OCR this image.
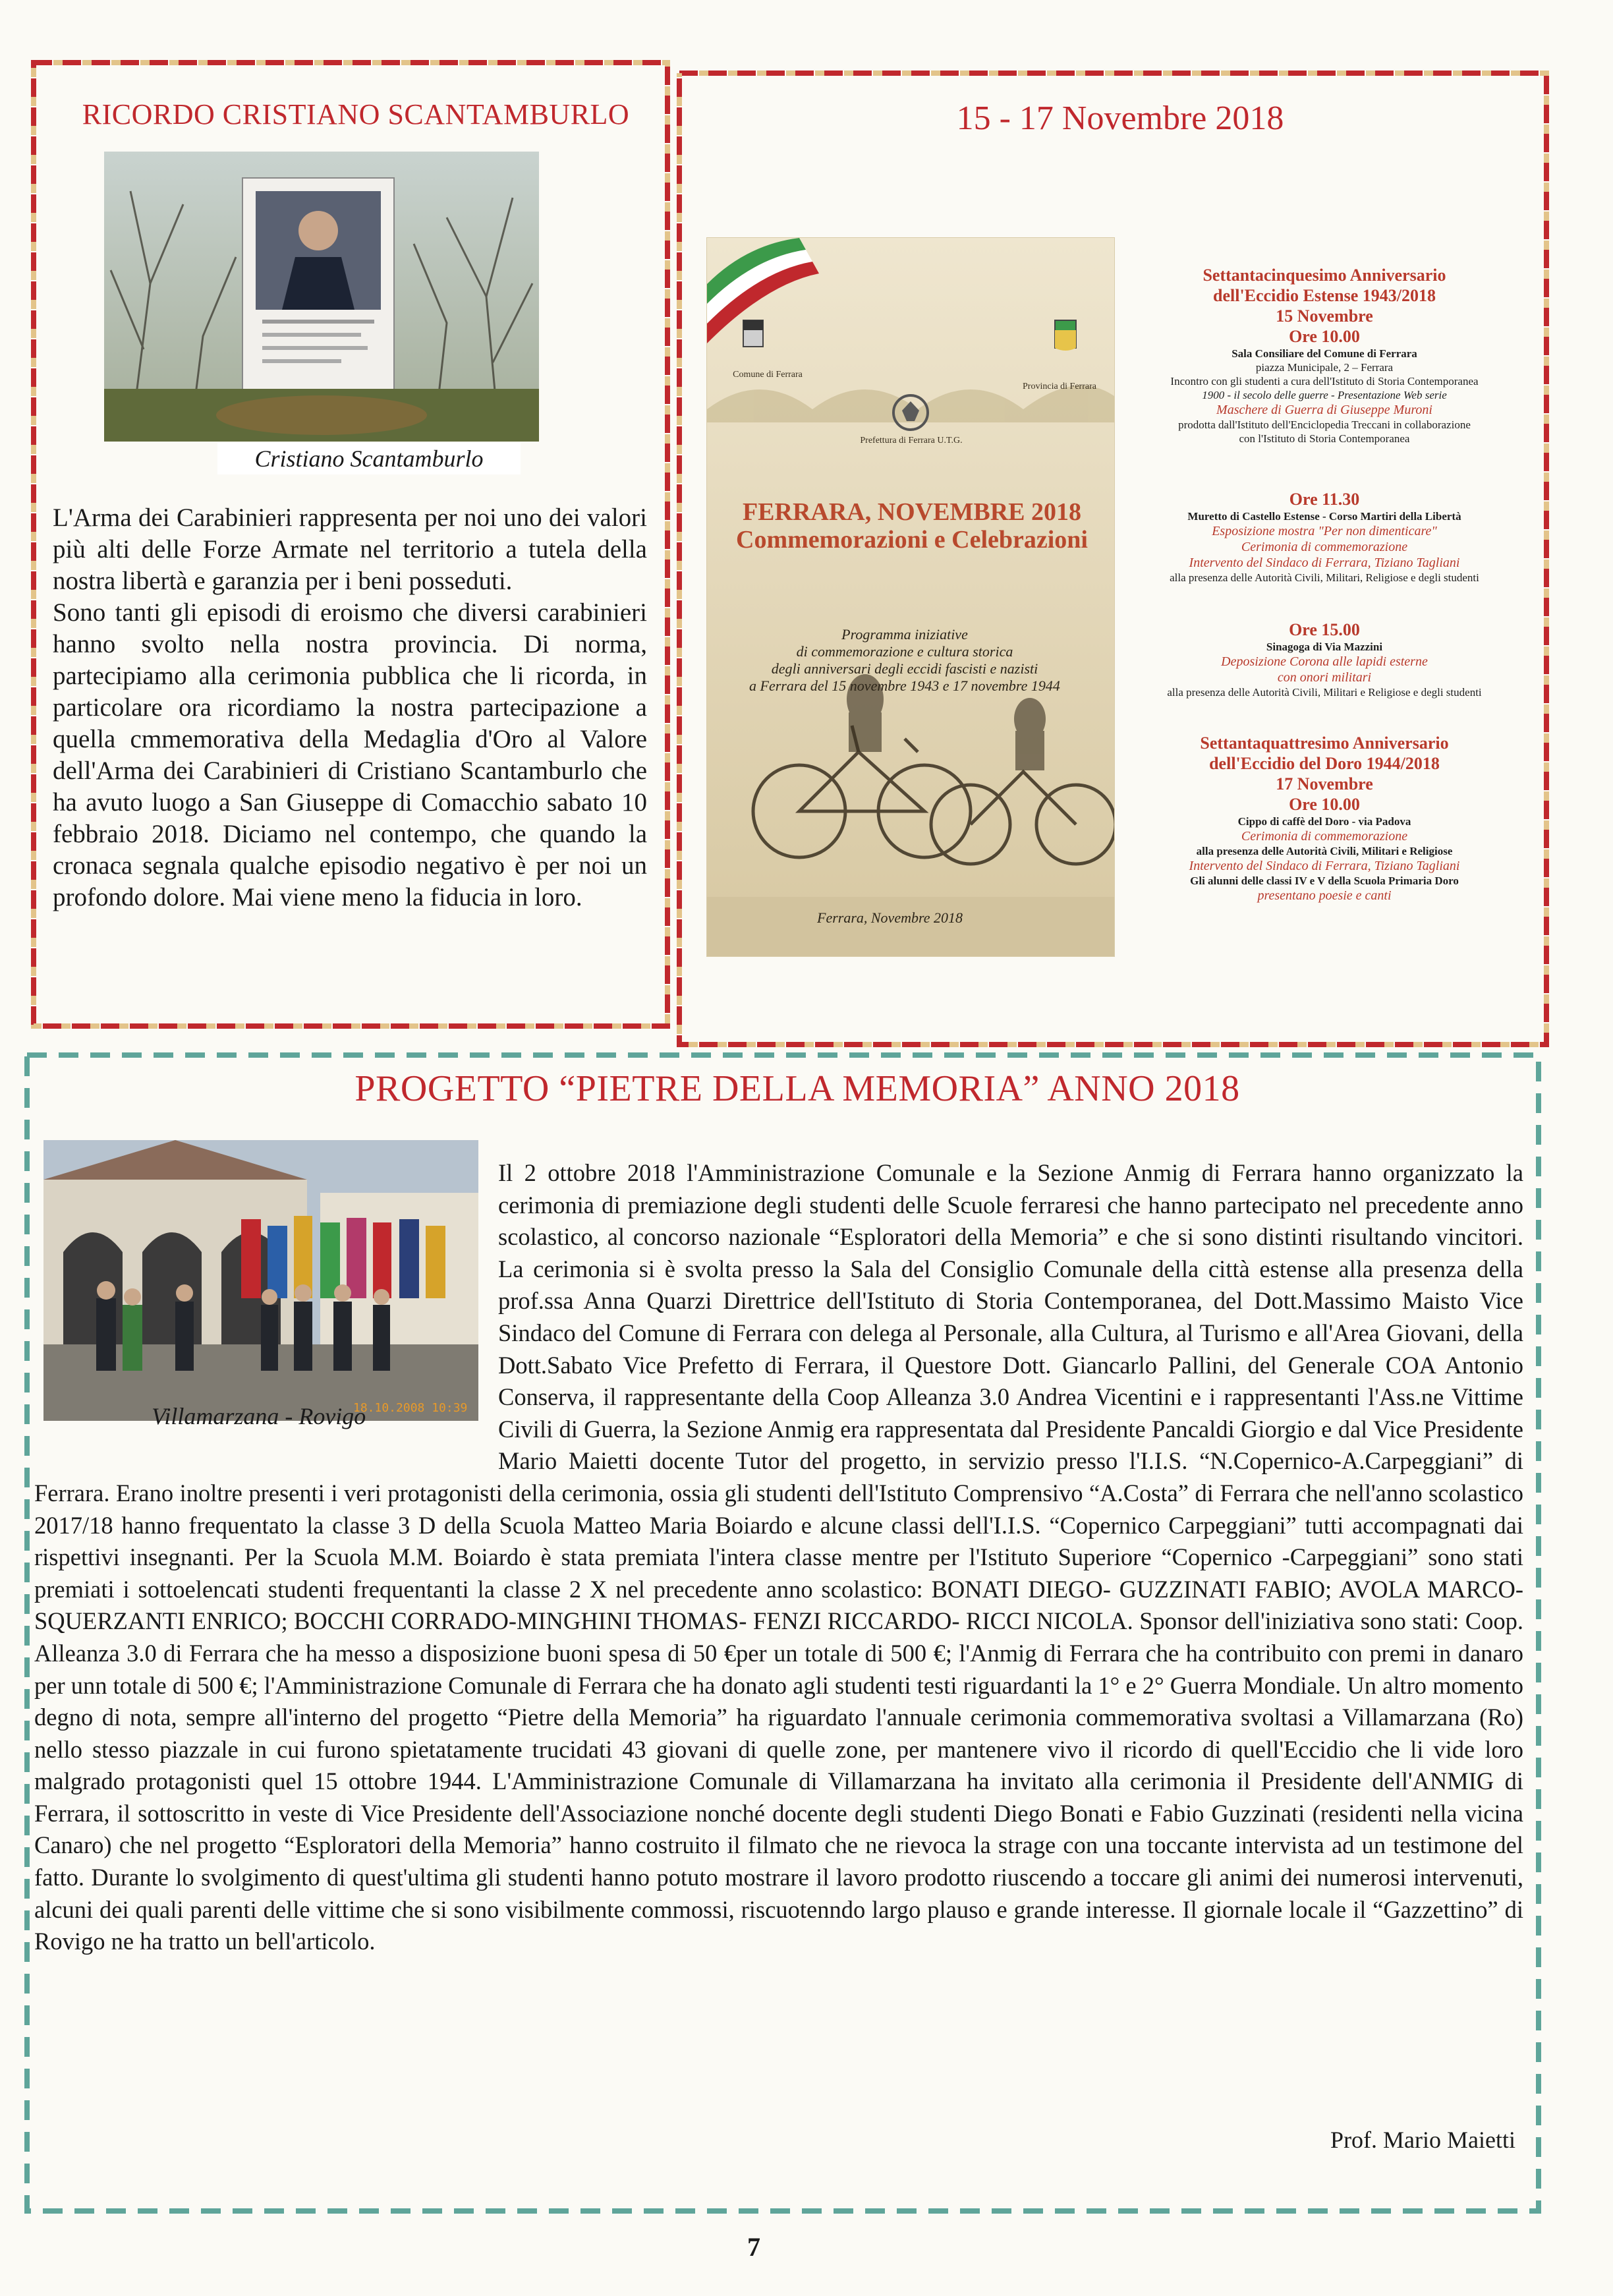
RICORDO CRISTIANO SCANTAMBURLO
Cristiano Scantamburlo

L'Arma dei Carabinieri rappresenta per noi uno dei valori più alti delle Forze Armate nel territorio a tutela della nostra libertà e garanzia per i beni posseduti.

Sono tanti gli episodi di eroismo che diversi carabinieri hanno svolto nella nostra provincia. Di norma, partecipiamo alla cerimonia pubblica che li ricorda, in particolare ora ricordiamo la nostra partecipazione a quella cmmemorativa della Medaglia d'Oro al Valore dell'Arma dei Carabinieri di Cristiano Scantamburlo che ha avuto luogo a San Giuseppe di Comacchio sabato 10 febbraio 2018. Diciamo nel contempo, che quando la cronaca segnala qualche episodio negativo è per noi un profondo dolore. Mai viene meno la fiducia in loro.

15 - 17 Novembre 2018
Comune di Ferrara
Provincia di Ferrara
Prefettura di Ferrara U.T.G.
FERRARA, NOVEMBRE 2018
Commemorazioni e Celebrazioni
Programma iniziative
di commemorazione e cultura storica
degli anniversari degli eccidi fascisti e nazisti
a Ferrara del 15 novembre 1943 e 17 novembre 1944
Ferrara, Novembre 2018
Settantacinquesimo Anniversario
dell'Eccidio Estense 1943/2018
15 Novembre
Ore 10.00
Sala Consiliare del Comune di Ferrara
piazza Municipale, 2 – Ferrara
Incontro con gli studenti a cura dell'Istituto di Storia Contemporanea
1900 - il secolo delle guerre - Presentazione Web serie
Maschere di Guerra di Giuseppe Muroni
prodotta dall'Istituto dell'Enciclopedia Treccani in collaborazione
con l'Istituto di Storia Contemporanea
Ore 11.30
Muretto di Castello Estense - Corso Martiri della Libertà
Esposizione mostra "Per non dimenticare"
Cerimonia di commemorazione
Intervento del Sindaco di Ferrara, Tiziano Tagliani
alla presenza delle Autorità Civili, Militari, Religiose e degli studenti
Ore 15.00
Sinagoga di Via Mazzini
Deposizione Corona alle lapidi esterne
con onori militari
alla presenza delle Autorità Civili, Militari e Religiose e degli studenti
Settantaquattresimo Anniversario
dell'Eccidio del Doro 1944/2018
17 Novembre
Ore 10.00
Cippo di caffè del Doro - via Padova
Cerimonia di commemorazione
alla presenza delle Autorità Civili, Militari e Religiose
Intervento del Sindaco di Ferrara, Tiziano Tagliani
Gli alunni delle classi IV e V della Scuola Primaria Doro
presentano poesie e canti
PROGETTO “PIETRE DELLA MEMORIA” ANNO 2018
18.10.2008 10:39
Villamarzana - Rovigo
Il 2 ottobre 2018 l'Amministrazione Comunale e la Sezione Anmig di Ferrara hanno organizzato la cerimonia di premiazione degli studenti delle Scuole ferraresi che hanno partecipato nel precedente anno scolastico, al concorso nazionale “Esploratori della Memoria” e che si sono distinti risultando vincitori. La cerimonia si è svolta presso la Sala del Consiglio Comunale della città estense alla presenza della prof.ssa Anna Quarzi Direttrice dell'Istituto di Storia Contemporanea, del Dott.Massimo Maisto Vice Sindaco del Comune di Ferrara con delega al Personale, alla Cultura, al Turismo e all'Area Giovani, della Dott.Sabato Vice Prefetto di Ferrara, il Questore Dott. Giancarlo Pallini, del Generale COA Antonio Conserva, il rappresentante della Coop Alleanza 3.0 Andrea Vicentini e i rappresentanti l'Ass.ne Vittime Civili di Guerra, la Sezione Anmig era rappresentata dal Presidente Pancaldi Giorgio e dal Vice Presidente Mario Maietti docente Tutor del progetto, in servizio presso l'I.I.S. “N.Copernico-A.Carpeggiani” di Ferrara. Erano inoltre presenti i veri protagonisti della cerimonia, ossia gli studenti dell'Istituto Comprensivo “A.Costa” di Ferrara che nell'anno scolastico 2017/18 hanno frequentato la classe 3 D della Scuola Matteo Maria Boiardo e alcune classi dell'I.I.S. “Copernico Carpeggiani” tutti accompagnati dai rispettivi insegnanti. Per la Scuola M.M. Boiardo è stata premiata l'intera classe mentre per l'Istituto Superiore “Copernico -Carpeggiani” sono stati premiati i sottoelencati studenti frequentanti la classe 2 X nel precedente anno scolastico: BONATI DIEGO- GUZZINATI FABIO; AVOLA MARCO- SQUERZANTI ENRICO; BOCCHI CORRADO-MINGHINI THOMAS- FENZI RICCARDO- RICCI NICOLA. Sponsor dell'iniziativa sono stati: Coop. Alleanza 3.0 di Ferrara che ha messo a disposizione buoni spesa di 50 €per un totale di 500 €; l'Anmig di Ferrara che ha contribuito con premi in danaro per unn totale di 500 €; l'Amministrazione Comunale di Ferrara che ha donato agli studenti testi riguardanti la 1° e 2° Guerra Mondiale. Un altro momento degno di nota, sempre all'interno del progetto “Pietre della Memoria” ha riguardato l'annuale cerimonia commemorativa svoltasi a Villamarzana (Ro) nello stesso piazzale in cui furono spietatamente trucidati 43 giovani di quelle zone, per mantenere vivo il ricordo di quell'Eccidio che li vide loro malgrado protagonisti quel 15 ottobre 1944. L'Amministrazione Comunale di Villamarzana ha invitato alla cerimonia il Presidente dell'ANMIG di Ferrara, il sottoscritto in veste di Vice Presidente dell'Associazione nonché docente degli studenti Diego Bonati e Fabio Guzzinati (residenti nella vicina Canaro) che nel progetto “Esploratori della Memoria” hanno costruito il filmato che ne rievoca la strage con una toccante intervista ad un testimone del fatto. Durante lo svolgimento di quest'ultima gli studenti hanno potuto mostrare il lavoro prodotto riuscendo a toccare gli animi dei numerosi intervenuti, alcuni dei quali parenti delle vittime che si sono visibilmente commossi, riscuotenndo largo plauso e grande interesse. Il giornale locale il “Gazzettino” di Rovigo ne ha tratto un bell'articolo.
Prof. Mario Maietti
7
